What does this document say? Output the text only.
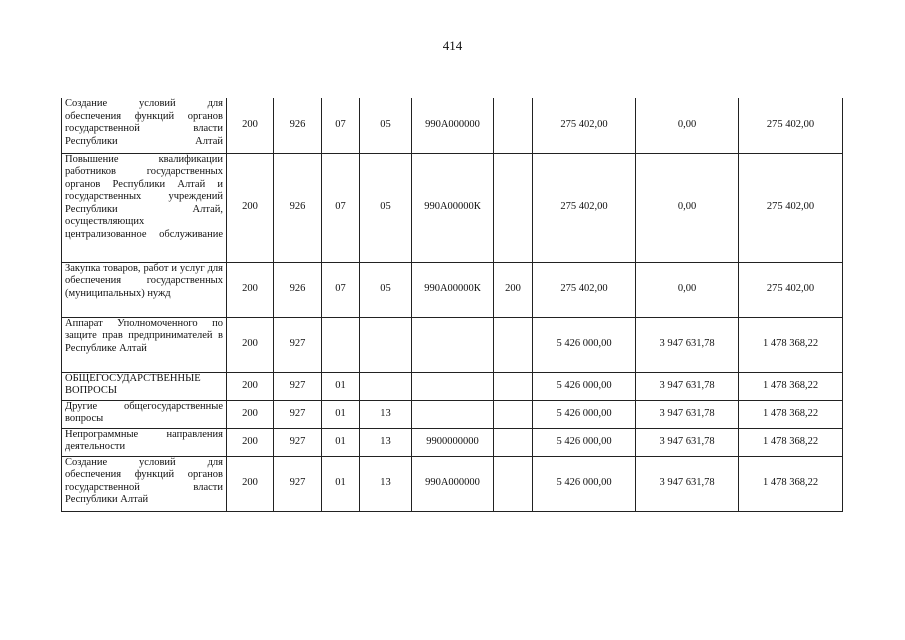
414
Создание условий для обеспечения функций органов государственной власти Республики Алтай	200	926	07	05	990А000000		275 402,00	0,00	275 402,00
Повышение квалификации работников государственных органов Республики Алтай и государственных учреждений Республики Алтай, осуществляющих централизованное обслуживание	200	926	07	05	990А00000К		275 402,00	0,00	275 402,00
Закупка товаров, работ и услуг для обеспечения государственных (муниципальных) нужд	200	926	07	05	990А00000К	200	275 402,00	0,00	275 402,00
Аппарат Уполномоченного по защите прав предпринимателей в Республике Алтай	200	927					5 426 000,00	3 947 631,78	1 478 368,22
ОБЩЕГОСУДАРСТВЕННЫЕ ВОПРОСЫ	200	927	01				5 426 000,00	3 947 631,78	1 478 368,22
Другие общегосударственные вопросы	200	927	01	13			5 426 000,00	3 947 631,78	1 478 368,22
Непрограммные направления деятельности	200	927	01	13	9900000000		5 426 000,00	3 947 631,78	1 478 368,22
Создание условий для обеспечения функций органов государственной власти Республики Алтай	200	927	01	13	990А000000		5 426 000,00	3 947 631,78	1 478 368,22
